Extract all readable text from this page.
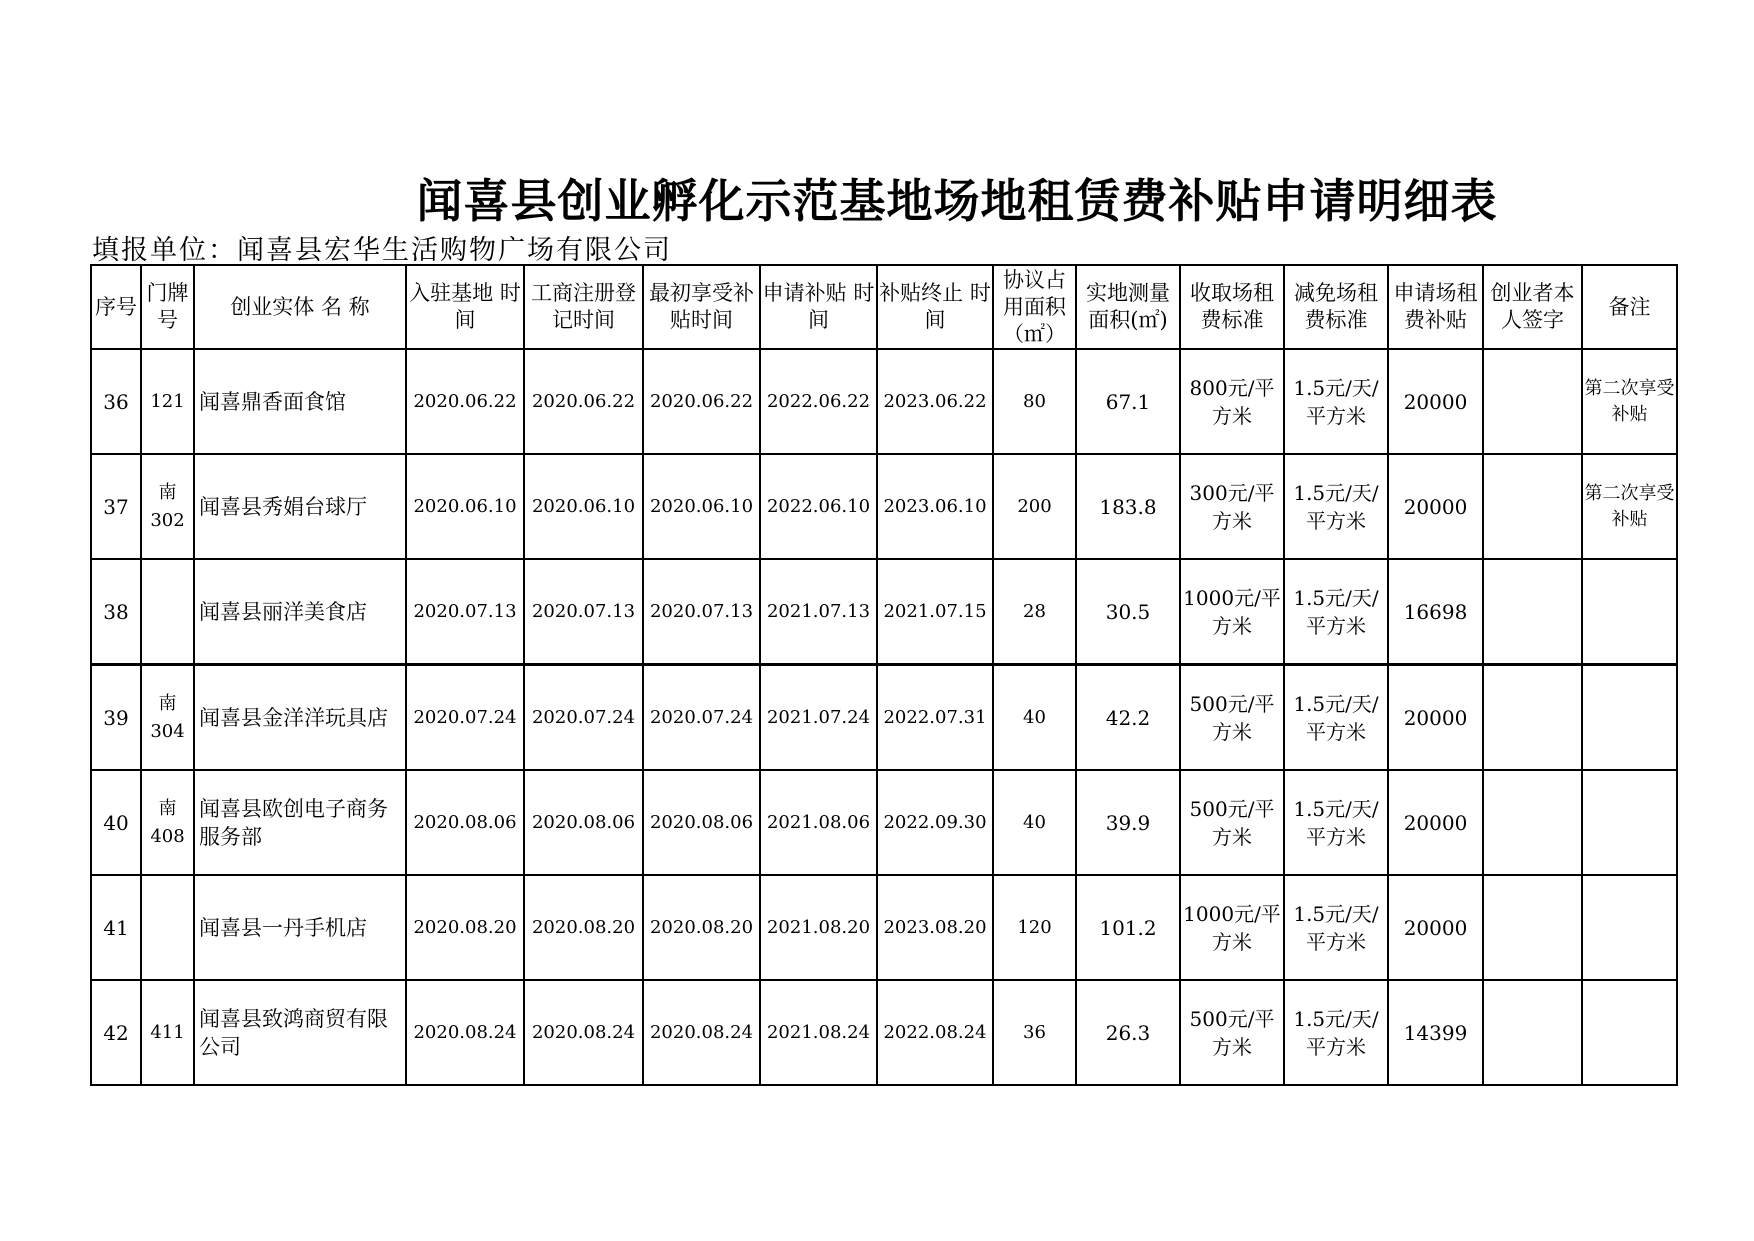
闻喜县创业孵化示范基地场地租赁费补贴申请明细表
填报单位：闻喜县宏华生活购物广场有限公司
序号	门牌号	创业实体 名 称	入驻基地 时 间	工商注册登记时间	最初享受补贴时间	申请补贴 时 间	补贴终止 时 间	协议占用面积（㎡）	实地测量面积(㎡)	收取场租费标准	减免场租费标准	申请场租费补贴	创业者本人签字	备注
36	121	闻喜鼎香面食馆	2020.06.22	2020.06.22	2020.06.22	2022.06.22	2023.06.22	80	67.1	800元/平方米	1.5元/天/平方米	20000		第二次享受补贴
37	南302	闻喜县秀娟台球厅	2020.06.10	2020.06.10	2020.06.10	2022.06.10	2023.06.10	200	183.8	300元/平方米	1.5元/天/平方米	20000		第二次享受补贴
38		闻喜县丽洋美食店	2020.07.13	2020.07.13	2020.07.13	2021.07.13	2021.07.15	28	30.5	1000元/平方米	1.5元/天/平方米	16698		
39	南304	闻喜县金洋洋玩具店	2020.07.24	2020.07.24	2020.07.24	2021.07.24	2022.07.31	40	42.2	500元/平方米	1.5元/天/平方米	20000		
40	南408	闻喜县欧创电子商务服务部	2020.08.06	2020.08.06	2020.08.06	2021.08.06	2022.09.30	40	39.9	500元/平方米	1.5元/天/平方米	20000		
41		闻喜县一丹手机店	2020.08.20	2020.08.20	2020.08.20	2021.08.20	2023.08.20	120	101.2	1000元/平方米	1.5元/天/平方米	20000		
42	411	闻喜县致鸿商贸有限公司	2020.08.24	2020.08.24	2020.08.24	2021.08.24	2022.08.24	36	26.3	500元/平方米	1.5元/天/平方米	14399		
